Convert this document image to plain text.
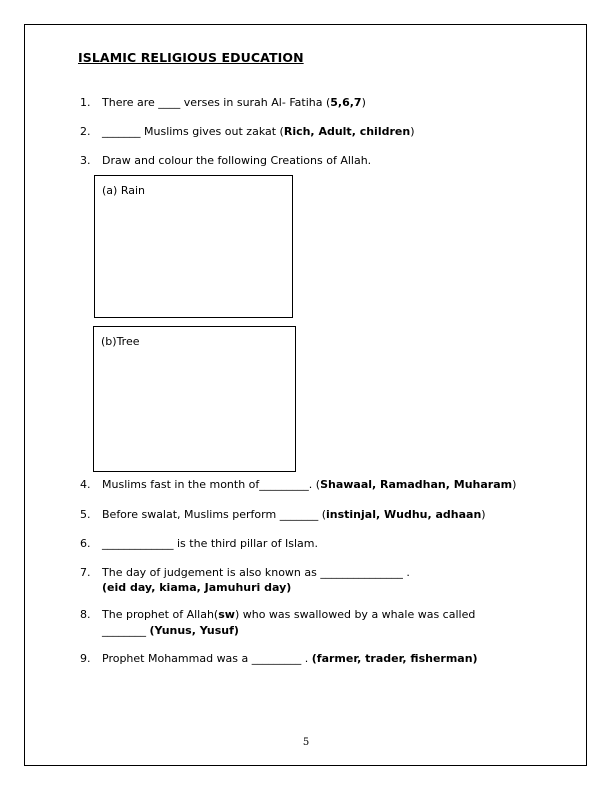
ISLAMIC RELIGIOUS EDUCATION
1. There are ____ verses in surah Al- Fatiha (5,6,7)
2. _______ Muslims gives out zakat (Rich, Adult, children)
3. Draw and colour the following Creations of Allah.
(a) Rain
(b)Tree
4. Muslims fast in the month of_________. (Shawaal, Ramadhan, Muharam)
5. Before swalat, Muslims perform _______ (instinjal, Wudhu, adhaan)
6. _____________ is the third pillar of Islam.
7. The day of judgement is also known as _______________ .
(eid day, kiama, Jamuhuri day)
8. The prophet of Allah(sw) who was swallowed by a whale was called
________ (Yunus, Yusuf)
9. Prophet Mohammad was a _________ . (farmer, trader, fisherman)
5
